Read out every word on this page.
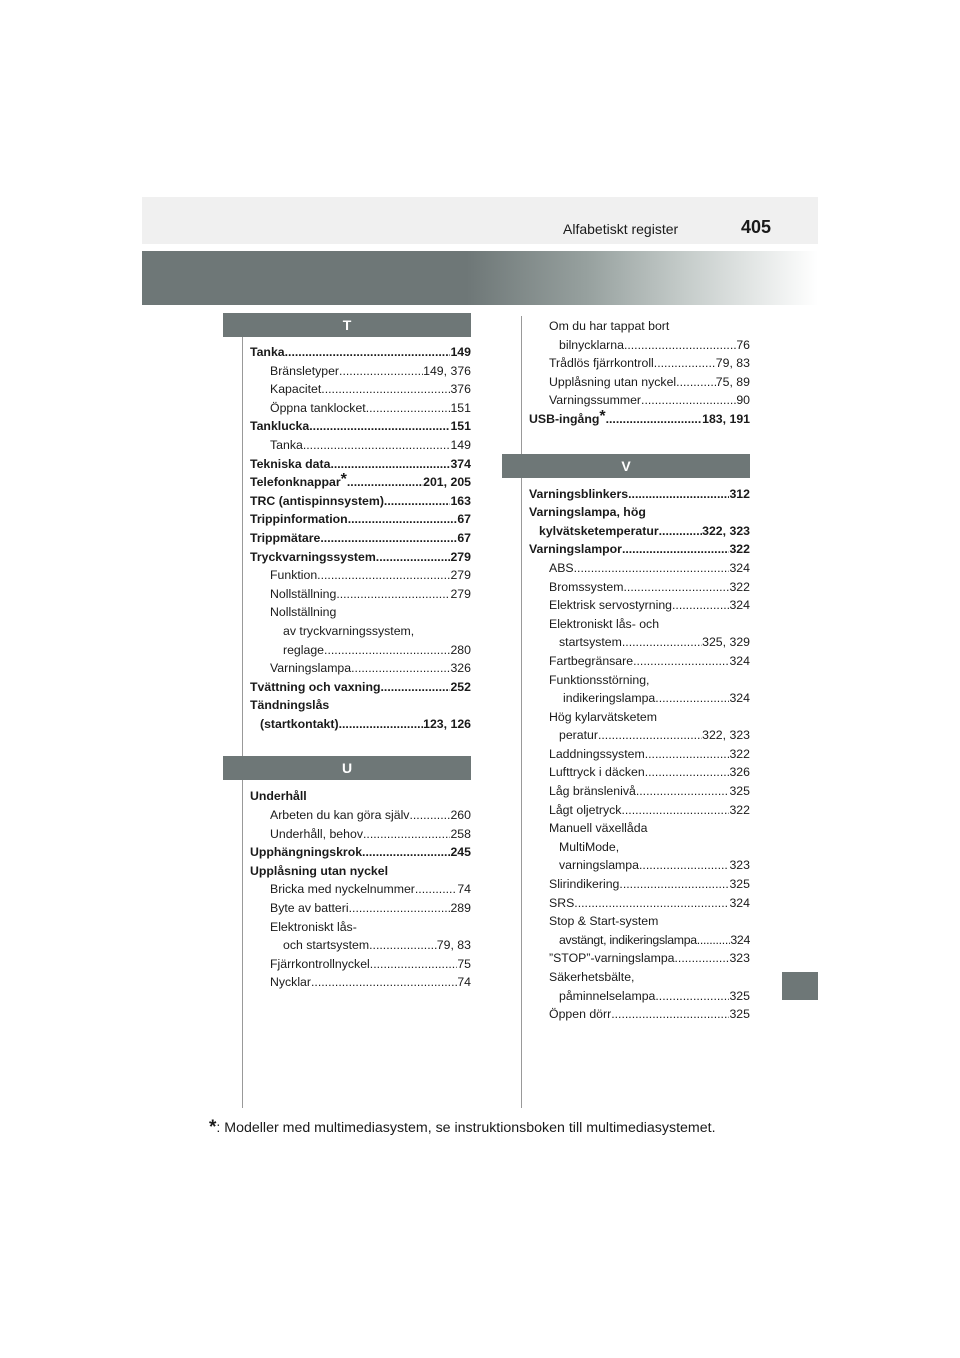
Alfabetiskt register	405
T
Tanka .....	149
Bränsletyper .....	149, 376
Kapacitet .....	376
Öppna tanklocket .....	151
Tanklucka .....	151
Tanka .....	149
Tekniska data .....	374
Telefonknappar* .....	201, 205
TRC (antispinnsystem) .....	163
Trippinformation .....	67
Trippmätare .....	67
Tryckvarningssystem .....	279
Funktion .....	279
Nollställning .....	279
Nollställning
av tryckvarningssystem,
reglage .....	280
Varningslampa .....	326
Tvättning och vaxning .....	252
Tändningslås
(startkontakt) .....	123, 126
U
Underhåll
Arbeten du kan göra själv .....	260
Underhåll, behov .....	258
Upphängningskrok .....	245
Upplåsning utan nyckel
Bricka med nyckelnummer .....	74
Byte av batteri .....	289
Elektroniskt lås-
och startsystem .....	79, 83
Fjärrkontrollnyckel .....	75
Nycklar .....	74
Om du har tappat bort
bilnycklarna .....	76
Trådlös fjärrkontroll .....	79, 83
Upplåsning utan nyckel .....	75, 89
Varningssummer .....	90
USB-ingång* .....	183, 191
V
Varningsblinkers .....	312
Varningslampa, hög
kylvätsketemperatur .....	322, 323
Varningslampor .....	322
ABS .....	324
Bromssystem .....	322
Elektrisk servostyrning .....	324
Elektroniskt lås- och
startsystem .....	325, 329
Fartbegränsare .....	324
Funktionsstörning,
indikeringslampa .....	324
Hög kylarvätsketem
peratur .....	322, 323
Laddningssystem .....	322
Lufttryck i däcken .....	326
Låg bränslenivå .....	325
Lågt oljetryck .....	322
Manuell växellåda
MultiMode,
varningslampa .....	323
Slirindikering .....	325
SRS .....	324
Stop & Start-system
avstängt, indikeringslampa .....	324
”STOP”-varningslampa .....	323
Säkerhetsbälte,
påminnelselampa .....	325
Öppen dörr .....	325
*: Modeller med multimediasystem, se instruktionsboken till multimediasystemet.
